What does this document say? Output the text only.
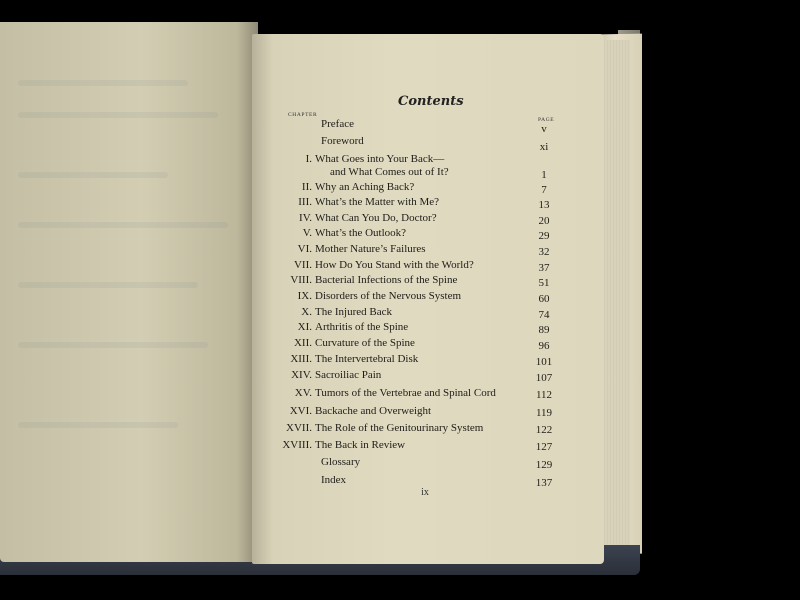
Contents
CHAPTER
PAGE
Preface	v
Foreword	xi
I. What Goes into Your Back—
and What Comes out of It?	1
II. Why an Aching Back?	7
III. What’s the Matter with Me?	13
IV. What Can You Do, Doctor?	20
V. What’s the Outlook?	29
VI. Mother Nature’s Failures	32
VII. How Do You Stand with the World?	37
VIII. Bacterial Infections of the Spine	51
IX. Disorders of the Nervous System	60
X. The Injured Back	74
XI. Arthritis of the Spine	89
XII. Curvature of the Spine	96
XIII. The Intervertebral Disk	101
XIV. Sacroiliac Pain	107
XV. Tumors of the Vertebrae and Spinal Cord	112
XVI. Backache and Overweight	119
XVII. The Role of the Genitourinary System	122
XVIII. The Back in Review	127
Glossary	129
Index	137
ix
